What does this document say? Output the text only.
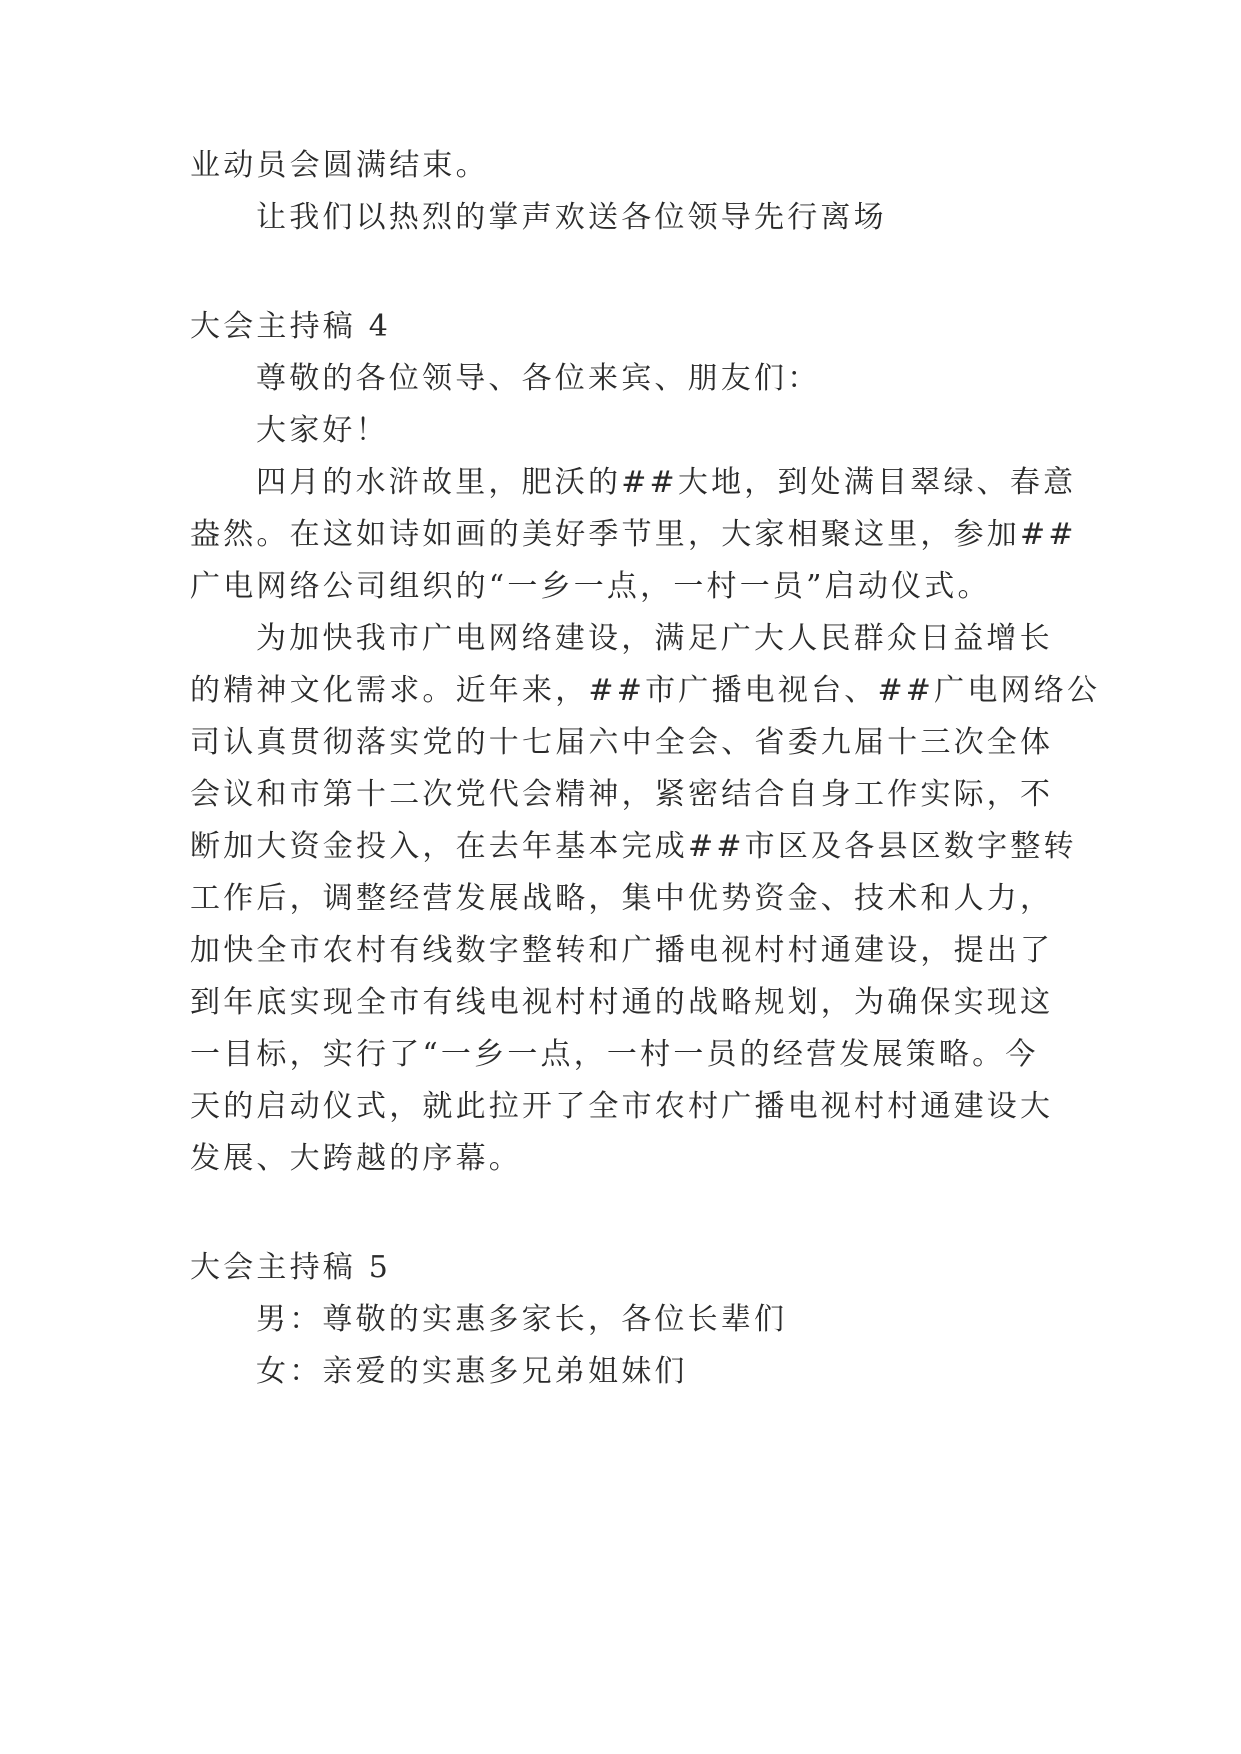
业动员会圆满结束。
让我们以热烈的掌声欢送各位领导先行离场
大会主持稿 4
尊敬的各位领导、各位来宾、朋友们：
大家好！
四月的水浒故里，肥沃的##大地，到处满目翠绿、春意
盎然。在这如诗如画的美好季节里，大家相聚这里，参加##
广电网络公司组织的“一乡一点，一村一员”启动仪式。
为加快我市广电网络建设，满足广大人民群众日益增长
的精神文化需求。近年来，##市广播电视台、##广电网络公
司认真贯彻落实党的十七届六中全会、省委九届十三次全体
会议和市第十二次党代会精神，紧密结合自身工作实际，不
断加大资金投入，在去年基本完成##市区及各县区数字整转
工作后，调整经营发展战略，集中优势资金、技术和人力，
加快全市农村有线数字整转和广播电视村村通建设，提出了
到年底实现全市有线电视村村通的战略规划，为确保实现这
一目标，实行了“一乡一点，一村一员的经营发展策略。今
天的启动仪式，就此拉开了全市农村广播电视村村通建设大
发展、大跨越的序幕。
大会主持稿 5
男：尊敬的实惠多家长，各位长辈们
女：亲爱的实惠多兄弟姐妹们
